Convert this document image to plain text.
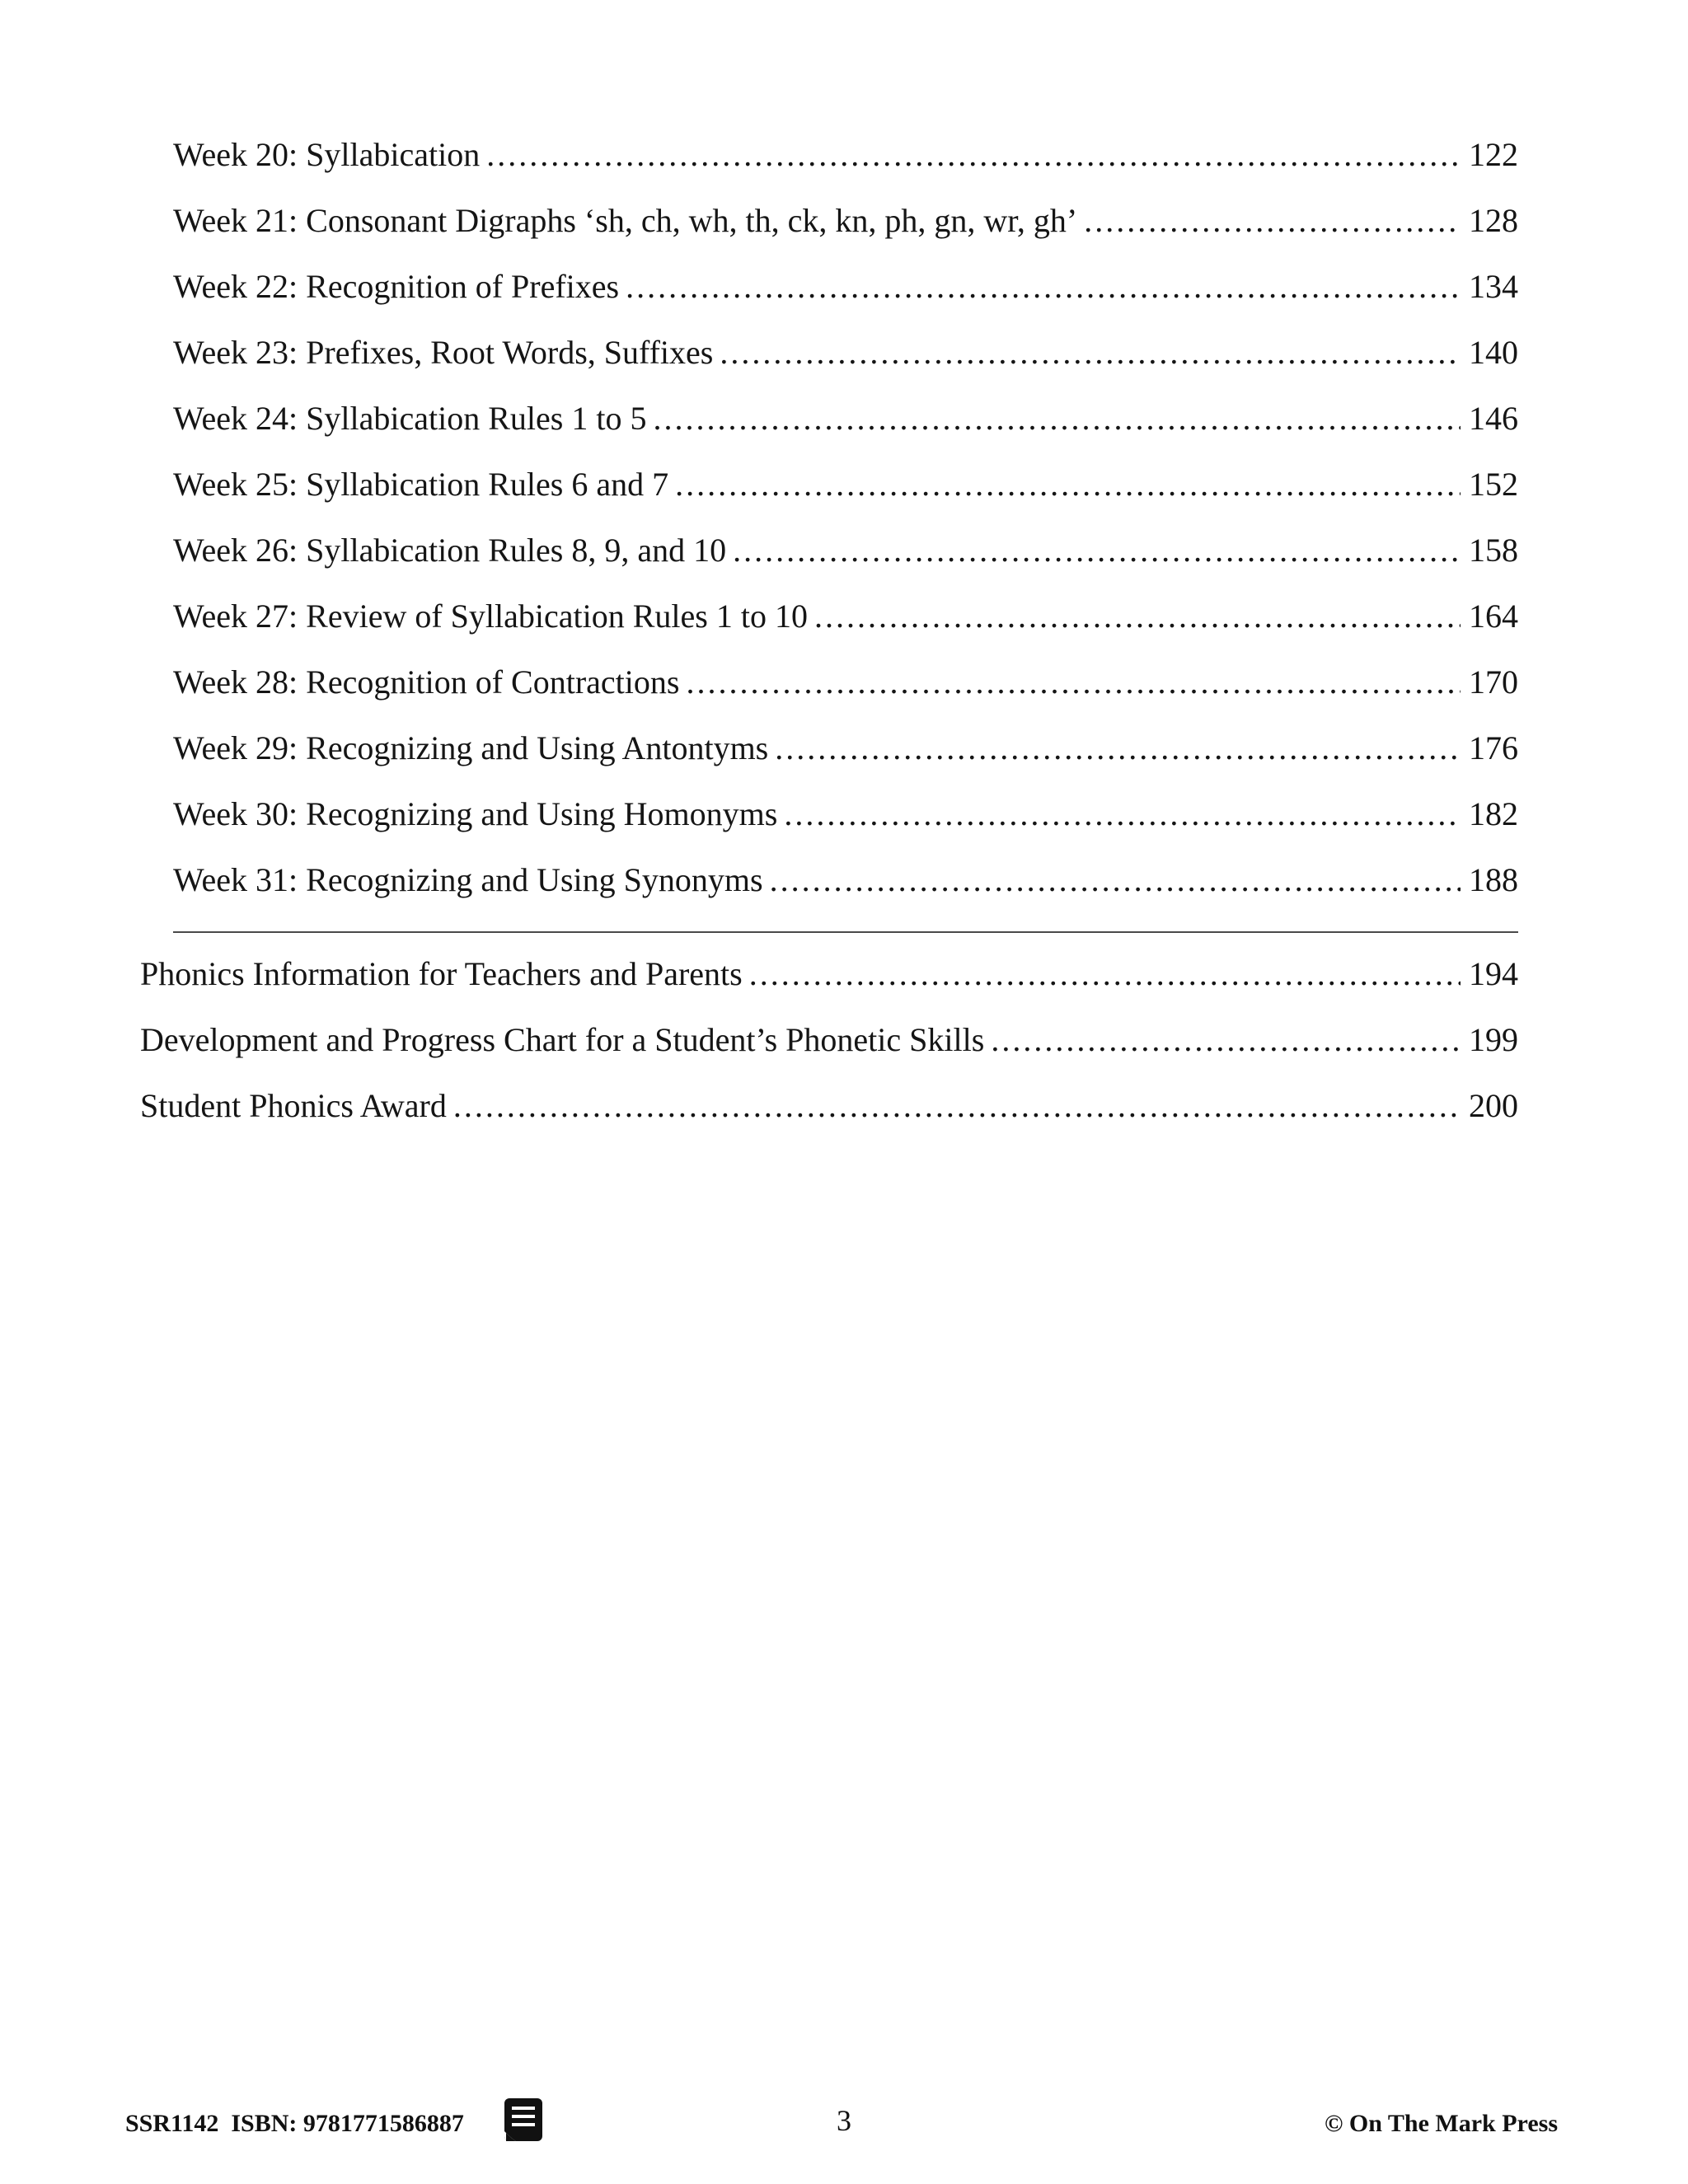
Week 20: Syllabication .....	122
Week 21: Consonant Digraphs ‘sh, ch, wh, th, ck, kn, ph, gn, wr, gh’ .....	128
Week 22: Recognition of Prefixes .....	134
Week 23: Prefixes, Root Words, Suffixes .....	140
Week 24: Syllabication Rules 1 to 5 .....	146
Week 25: Syllabication Rules 6 and 7 .....	152
Week 26: Syllabication Rules 8, 9, and 10 .....	158
Week 27: Review of Syllabication Rules 1 to 10 .....	164
Week 28: Recognition of Contractions .....	170
Week 29: Recognizing and Using Antontyms .....	176
Week 30: Recognizing and Using Homonyms .....	182
Week 31: Recognizing and Using Synonyms .....	188
Phonics Information for Teachers and Parents .....	194
Development and Progress Chart for a Student’s Phonetic Skills .....	199
Student Phonics Award .....	200
SSR1142  ISBN: 9781771586887	3	© On The Mark Press
